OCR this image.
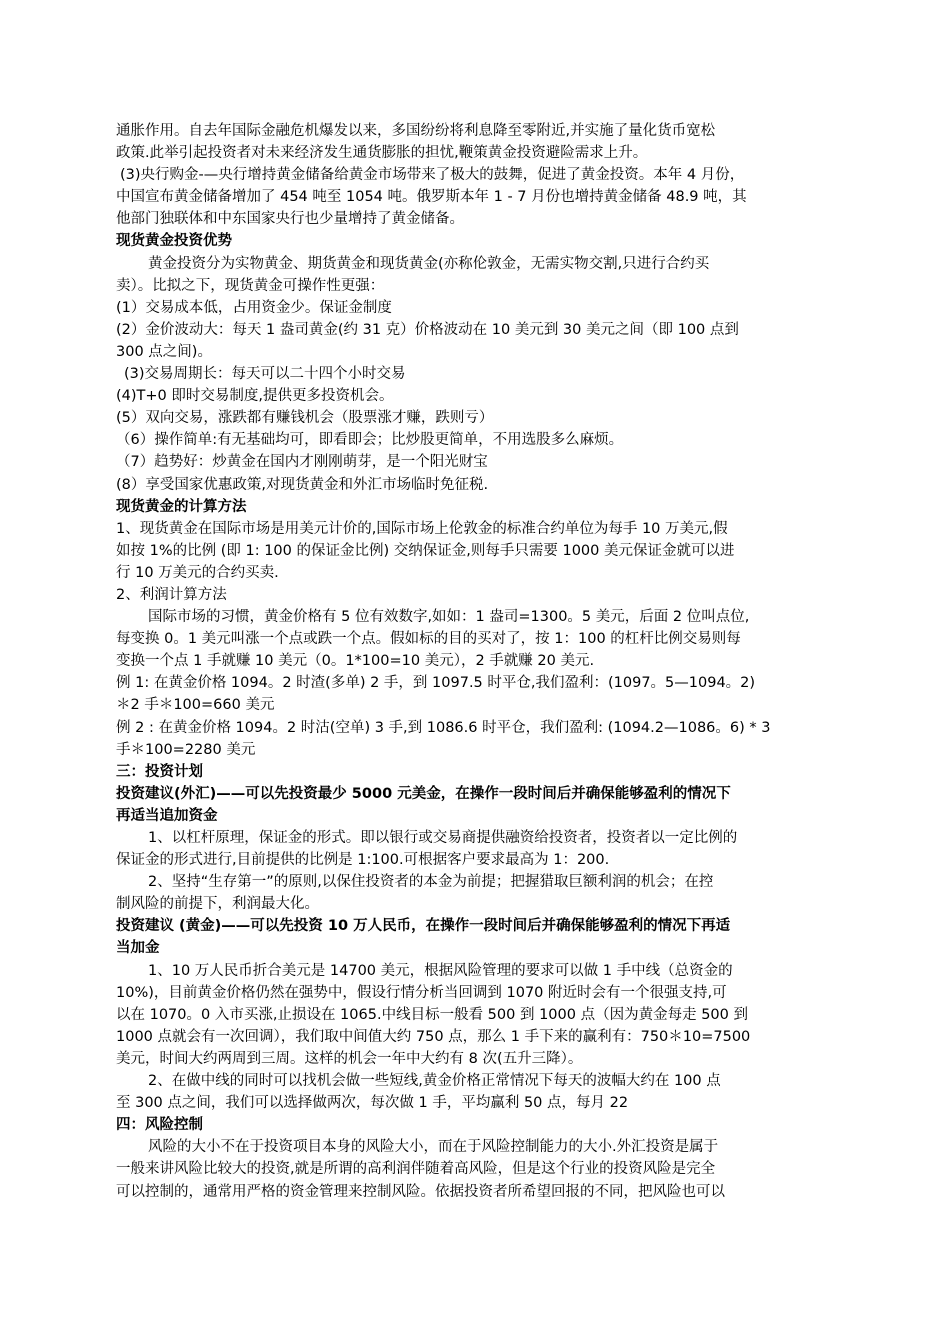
通胀作用。自去年国际金融危机爆发以来，多国纷纷将利息降至零附近,并实施了量化货币宽松
政策.此举引起投资者对未来经济发生通货膨胀的担忧,鞭策黄金投资避险需求上升。
(3)央行购金-—央行增持黄金储备给黄金市场带来了极大的鼓舞，促进了黄金投资。本年 4 月份，
中国宣布黄金储备增加了 454 吨至 1054 吨。俄罗斯本年 1 - 7 月份也增持黄金储备 48.9 吨，其
他部门独联体和中东国家央行也少量增持了黄金储备。
现货黄金投资优势
黄金投资分为实物黄金、期货黄金和现货黄金(亦称伦敦金，无需实物交割,只进行合约买
卖）。比拟之下，现货黄金可操作性更强：
(1）交易成本低，占用资金少。保证金制度
(2）金价波动大：每天 1 盎司黄金(约 31 克）价格波动在 10 美元到 30 美元之间（即 100 点到
300 点之间)。
(3)交易周期长：每天可以二十四个小时交易
(4)T+0 即时交易制度,提供更多投资机会。
(5）双向交易，涨跌都有赚钱机会（股票涨才赚，跌则亏）
（6）操作简单:有无基础均可，即看即会；比炒股更简单，不用选股多么麻烦。
（7）趋势好：炒黄金在国内才刚刚萌芽，是一个阳光财宝
(8）享受国家优惠政策,对现货黄金和外汇市场临时免征税.
现货黄金的计算方法
1、现货黄金在国际市场是用美元计价的,国际市场上伦敦金的标准合约单位为每手 10 万美元,假
如按 1%的比例 (即 1: 100 的保证金比例) 交纳保证金,则每手只需要 1000 美元保证金就可以进
行 10 万美元的合约买卖.
2、利润计算方法
国际市场的习惯，黄金价格有 5 位有效数字,如如：1 盎司=1300。5 美元，后面 2 位叫点位,
每变换 0。1 美元叫涨一个点或跌一个点。假如标的目的买对了，按 1：100 的杠杆比例交易则每
变换一个点 1 手就赚 10 美元（0。1*100=10 美元），2 手就赚 20 美元.
例 1: 在黄金价格 1094。2 时渣(多单) 2 手，到 1097.5 时平仓,我们盈利：(1097。5—1094。2)
＊2 手＊100=660 美元
例 2 : 在黄金价格 1094。2 时沽(空单) 3 手,到 1086.6 时平仓，我们盈利: (1094.2—1086。6) * 3
手＊100=2280 美元
三：投资计划
投资建议(外汇)——可以先投资最少 5000 元美金，在操作一段时间后并确保能够盈利的情况下
再适当追加资金
1、以杠杆原理，保证金的形式。即以银行或交易商提供融资给投资者，投资者以一定比例的
保证金的形式进行,目前提供的比例是 1:100.可根据客户要求最高为 1：200.
2、坚持“生存第一”的原则,以保住投资者的本金为前提；把握猎取巨额利润的机会；在控
制风险的前提下，利润最大化。
投资建议 (黄金)——可以先投资 10 万人民币，在操作一段时间后并确保能够盈利的情况下再适
当加金
1、10 万人民币折合美元是 14700 美元，根据风险管理的要求可以做 1 手中线（总资金的
10%)，目前黄金价格仍然在强势中，假设行情分析当回调到 1070 附近时会有一个很强支持,可
以在 1070。0 入市买涨,止损设在 1065.中线目标一般看 500 到 1000 点（因为黄金每走 500 到
1000 点就会有一次回调），我们取中间值大约 750 点，那么 1 手下来的赢利有：750＊10=7500
美元，时间大约两周到三周。这样的机会一年中大约有 8 次(五升三降）。
2、在做中线的同时可以找机会做一些短线,黄金价格正常情况下每天的波幅大约在 100 点
至 300 点之间，我们可以选择做两次，每次做 1 手，平均赢利 50 点，每月 22
四：风险控制
风险的大小不在于投资项目本身的风险大小，而在于风险控制能力的大小.外汇投资是属于
一般来讲风险比较大的投资,就是所谓的高利润伴随着高风险，但是这个行业的投资风险是完全
可以控制的，通常用严格的资金管理来控制风险。依据投资者所希望回报的不同，把风险也可以
